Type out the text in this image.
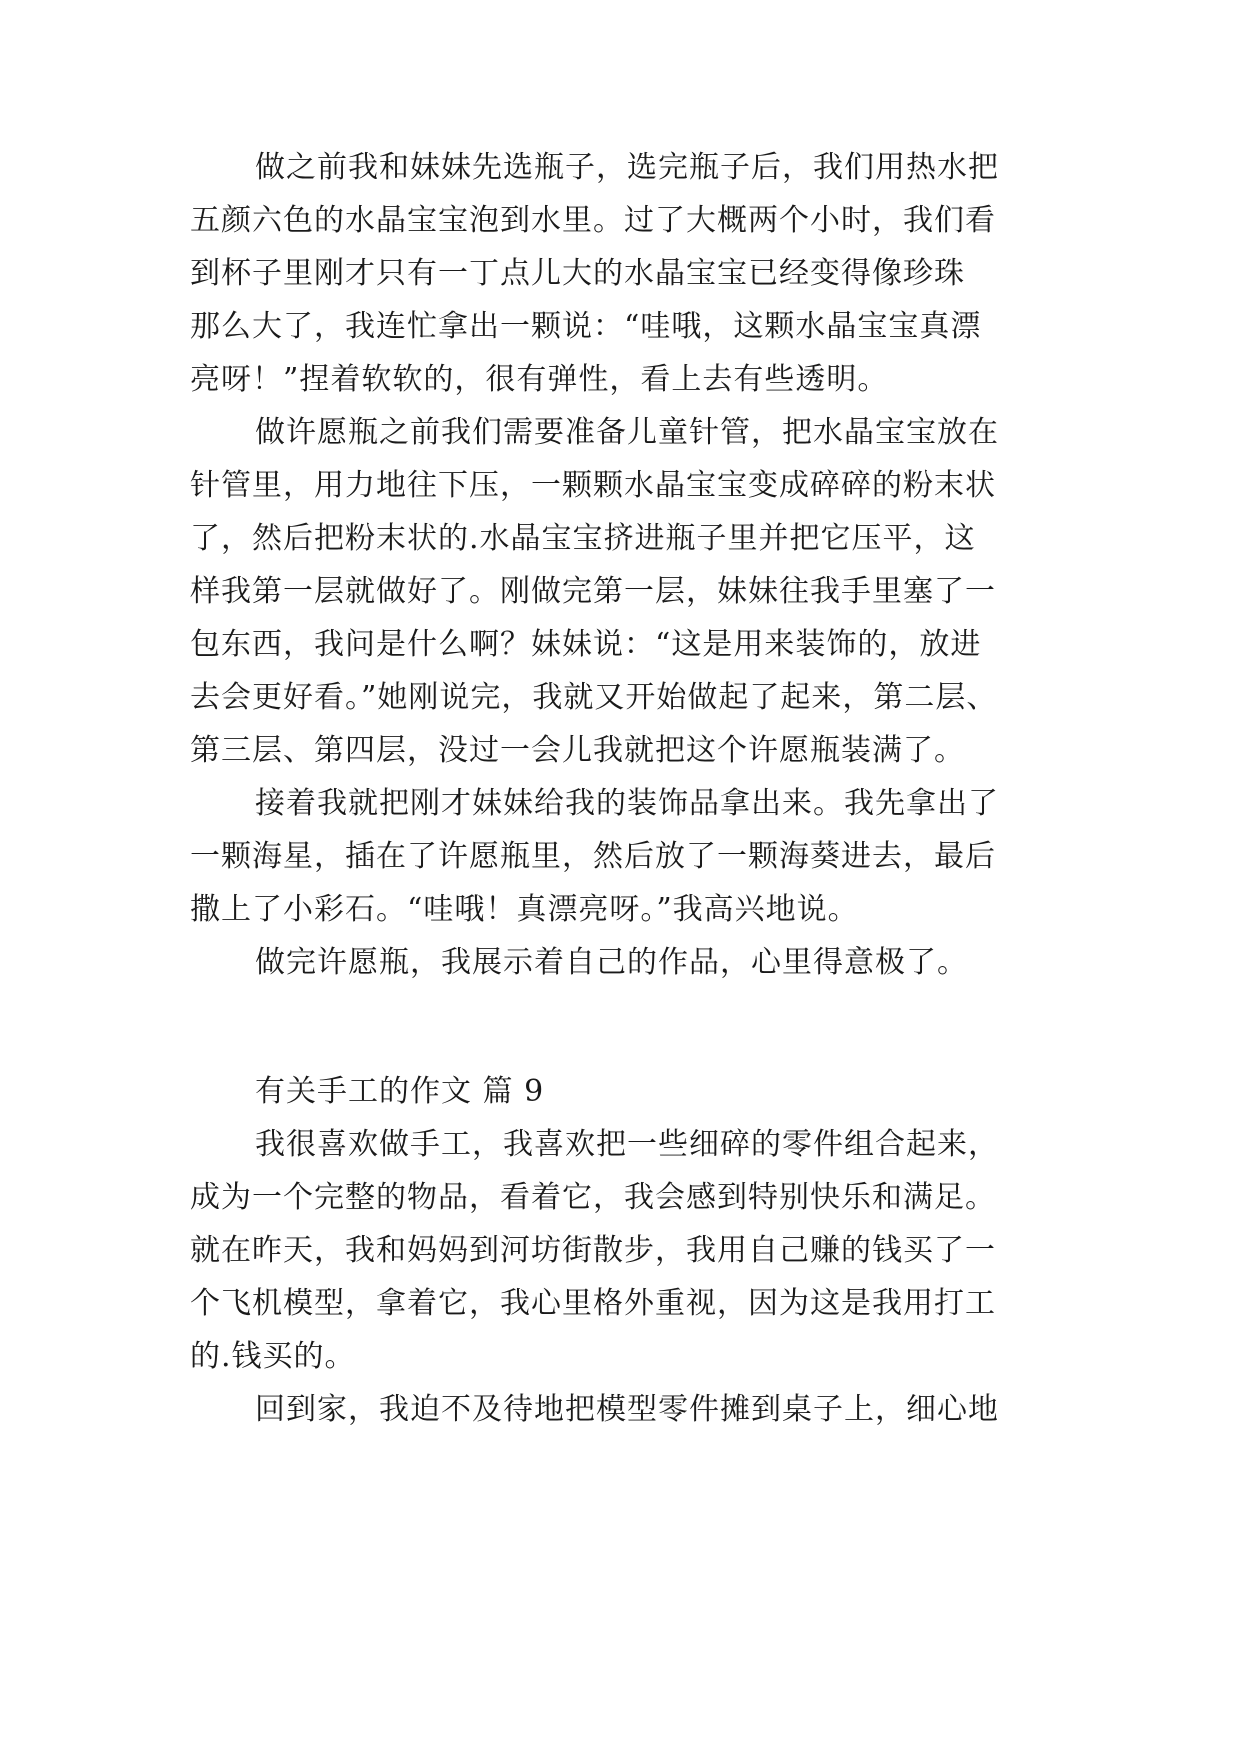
做之前我和妹妹先选瓶子，选完瓶子后，我们用热水把
五颜六色的水晶宝宝泡到水里。过了大概两个小时，我们看
到杯子里刚才只有一丁点儿大的水晶宝宝已经变得像珍珠
那么大了，我连忙拿出一颗说：“哇哦，这颗水晶宝宝真漂
亮呀！”捏着软软的，很有弹性，看上去有些透明。
做许愿瓶之前我们需要准备儿童针管，把水晶宝宝放在
针管里，用力地往下压，一颗颗水晶宝宝变成碎碎的粉末状
了，然后把粉末状的.水晶宝宝挤进瓶子里并把它压平，这
样我第一层就做好了。刚做完第一层，妹妹往我手里塞了一
包东西，我问是什么啊？妹妹说：“这是用来装饰的，放进
去会更好看。”她刚说完，我就又开始做起了起来，第二层、
第三层、第四层，没过一会儿我就把这个许愿瓶装满了。
接着我就把刚才妹妹给我的装饰品拿出来。我先拿出了
一颗海星，插在了许愿瓶里，然后放了一颗海葵进去，最后
撒上了小彩石。“哇哦！真漂亮呀。”我高兴地说。
做完许愿瓶，我展示着自己的作品，心里得意极了。
有关手工的作文 篇 9
我很喜欢做手工，我喜欢把一些细碎的零件组合起来，
成为一个完整的物品，看着它，我会感到特别快乐和满足。
就在昨天，我和妈妈到河坊街散步，我用自己赚的钱买了一
个飞机模型，拿着它，我心里格外重视，因为这是我用打工
的.钱买的。
回到家，我迫不及待地把模型零件摊到桌子上，细心地
